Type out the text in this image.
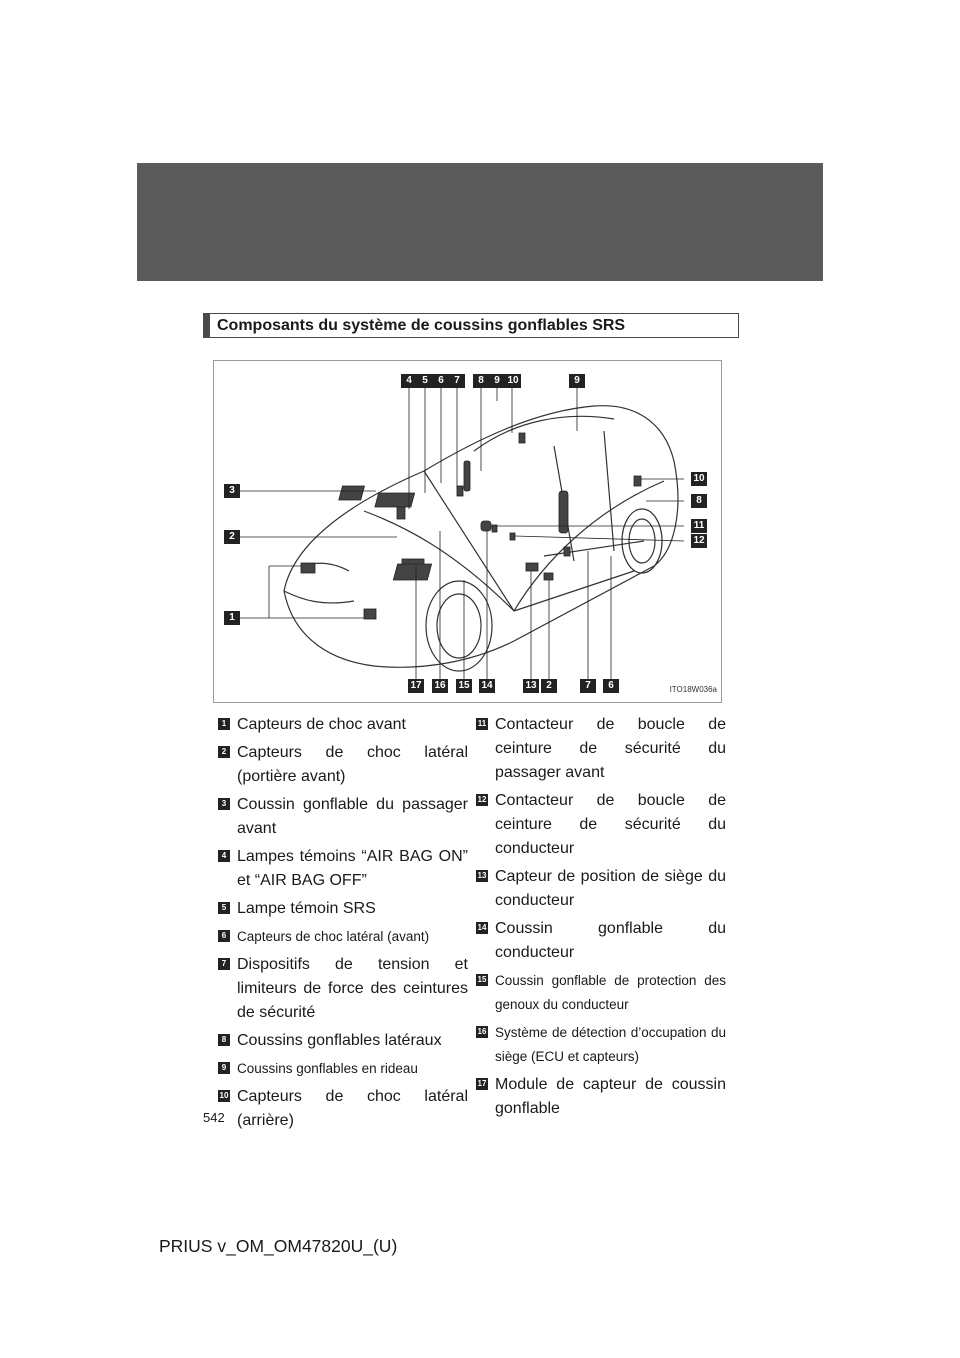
Composants du système de coussins gonflables SRS
4	5	6	7	8	9 10	9
3
2
1
10
8
11
12
17 16 15 14	13 2	7	6	ITO18W036a
1 Capteurs de choc avant
2 Capteurs de choc latéral (portière avant)
3 Coussin gonflable du passager avant
4 Lampes témoins “AIR BAG ON” et “AIR BAG OFF”
5 Lampe témoin SRS
6 Capteurs de choc latéral (avant)
7 Dispositifs de tension et limiteurs de force des ceintures de sécurité
8 Coussins gonflables latéraux
9 Coussins gonflables en rideau
10 Capteurs de choc latéral (arrière)
11 Contacteur de boucle de ceinture de sécurité du passager avant
12 Contacteur de boucle de ceinture de sécurité du conducteur
13 Capteur de position de siège du conducteur
14 Coussin gonflable du conducteur
15 Coussin gonflable de protection des genoux du conducteur
16 Système de détection d’occupation du siège (ECU et capteurs)
17 Module de capteur de coussin gonflable
542
PRIUS v_OM_OM47820U_(U)
